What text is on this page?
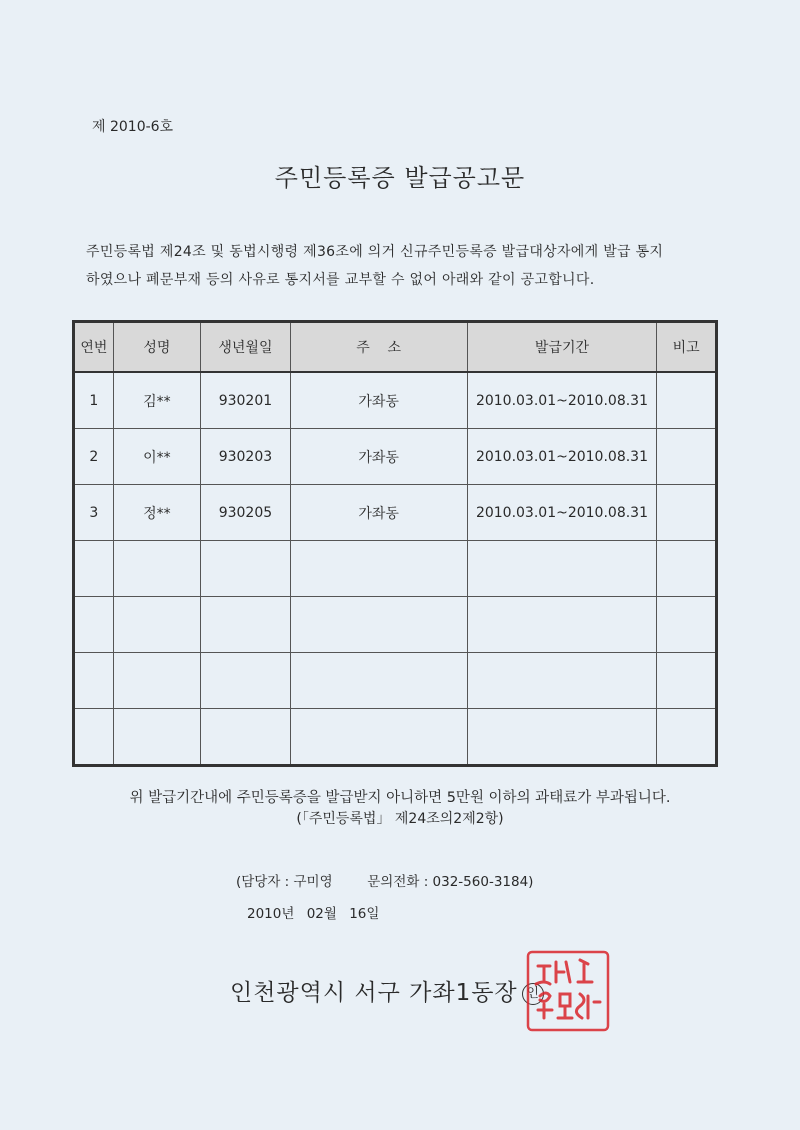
제 2010-6호
주민등록증 발급공고문

주민등록법 제24조 및 동법시행령 제36조에 의거 신규주민등록증 발급대상자에게 발급 통지

하였으나 폐문부재 등의 사유로 통지서를 교부할 수 없어 아래와 같이 공고합니다.

연번	성명	생년월일	주    소	발급기간	비고
1	김**	930201	가좌동	2010.03.01~2010.08.31	
2	이**	930203	가좌동	2010.03.01~2010.08.31	
3	정**	930205	가좌동	2010.03.01~2010.08.31	

위 발급기간내에 주민등록증을 발급받지 아니하면 5만원 이하의 과태료가 부과됩니다.
(「주민등록법」 제24조의2제2항)
(담당자 : 구미영	문의전화 : 032-560-3184)
2010년 02월 16일
인천광역시 서구 가좌1동장 인
